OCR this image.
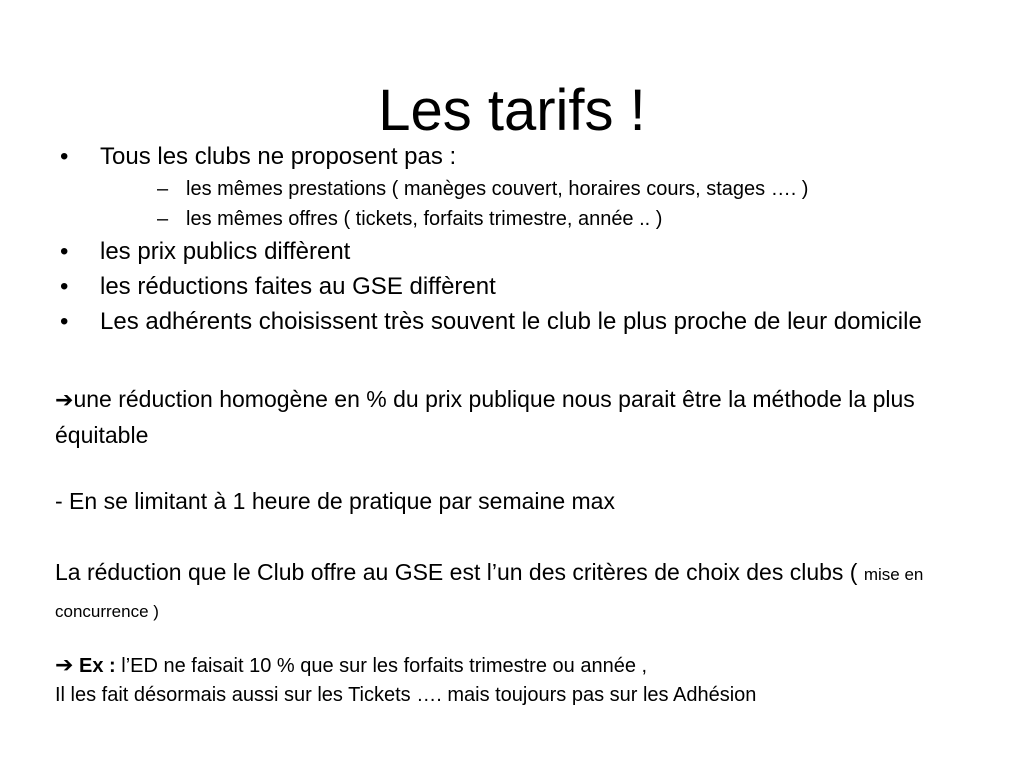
Les tarifs !
• Tous les clubs ne proposent pas :
– les mêmes prestations ( manèges couvert, horaires cours, stages …. )
– les mêmes offres ( tickets, forfaits trimestre, année .. )
• les prix publics diffèrent
• les réductions faites au GSE diffèrent
• Les adhérents choisissent très souvent le club le plus proche de leur domicile
➔une réduction homogène en % du prix publique nous parait être la méthode la plus équitable
- En se limitant à 1 heure de pratique par semaine max
La réduction que le Club offre au GSE est l’un des critères de choix des clubs ( mise en concurrence )
➔ Ex : l’ED ne faisait 10 % que sur les forfaits trimestre ou année ,
Il les fait désormais aussi sur les Tickets …. mais toujours pas sur les Adhésion
